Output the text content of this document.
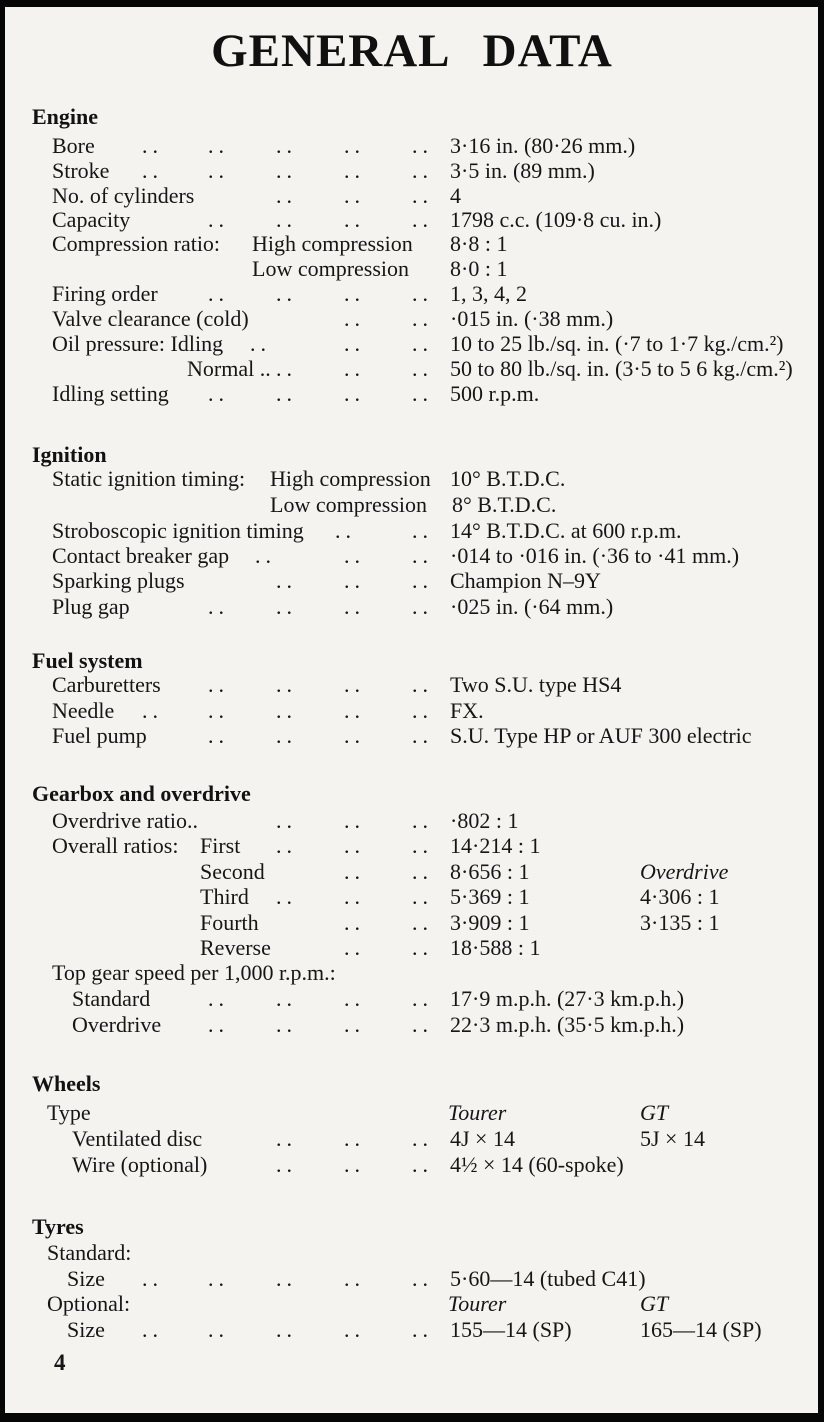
GENERAL DATA
Engine
Bore .. .. .. .. .. 3·16 in. (80·26 mm.)
Stroke .. .. .. .. .. 3·5 in. (89 mm.)
No. of cylinders	.. .. .. 4
Capacity	.. .. .. .. 1798 c.c. (109·8 cu. in.)
Compression ratio: High compression 8·8 : 1
Low compression 8·0 : 1
Firing order .. .. .. .. 1, 3, 4, 2
Valve clearance (cold)	.. .. ·015 in. (·38 mm.)
Oil pressure: Idling ..	.. .. 10 to 25 lb./sq. in. (·7 to 1·7 kg./cm.²)
Normal .. .. .. .. 50 to 80 lb./sq. in. (3·5 to 5 6 kg./cm.²)
Idling setting .. .. .. .. 500 r.p.m.
Ignition
Static ignition timing: High compression 10° B.T.D.C.
Low compression 8° B.T.D.C.
Stroboscopic ignition timing ..	.. 14° B.T.D.C. at 600 r.p.m.
Contact breaker gap ..	.. .. ·014 to ·016 in. (·36 to ·41 mm.)
Sparking plugs	.. .. .. Champion N–9Y
Plug gap	.. .. .. .. ·025 in. (·64 mm.)
Fuel system
Carburetters .. .. .. .. Two S.U. type HS4
Needle .. .. .. .. .. FX.
Fuel pump	.. .. .. .. S.U. Type HP or AUF 300 electric
Gearbox and overdrive
Overdrive ratio..	.. .. .. ·802 : 1
Overall ratios: First .. .. .. 14·214 : 1
Second	.. .. 8·656 : 1	Overdrive
Third .. .. .. 5·369 : 1	4·306 : 1
Fourth	.. .. 3·909 : 1	3·135 : 1
Reverse	.. .. 18·588 : 1
Top gear speed per 1,000 r.p.m.:
Standard	.. .. .. .. 17·9 m.p.h. (27·3 km.p.h.)
Overdrive .. .. .. .. 22·3 m.p.h. (35·5 km.p.h.)
Wheels
Type	Tourer	GT
Ventilated disc	.. .. .. 4J × 14	5J × 14
Wire (optional)	.. .. .. 4½ × 14 (60-spoke)
Tyres
Standard:
Size .. .. .. .. .. 5·60—14 (tubed C41)
Optional:	Tourer	GT
Size .. .. .. .. .. 155—14 (SP)	165—14 (SP)
4
